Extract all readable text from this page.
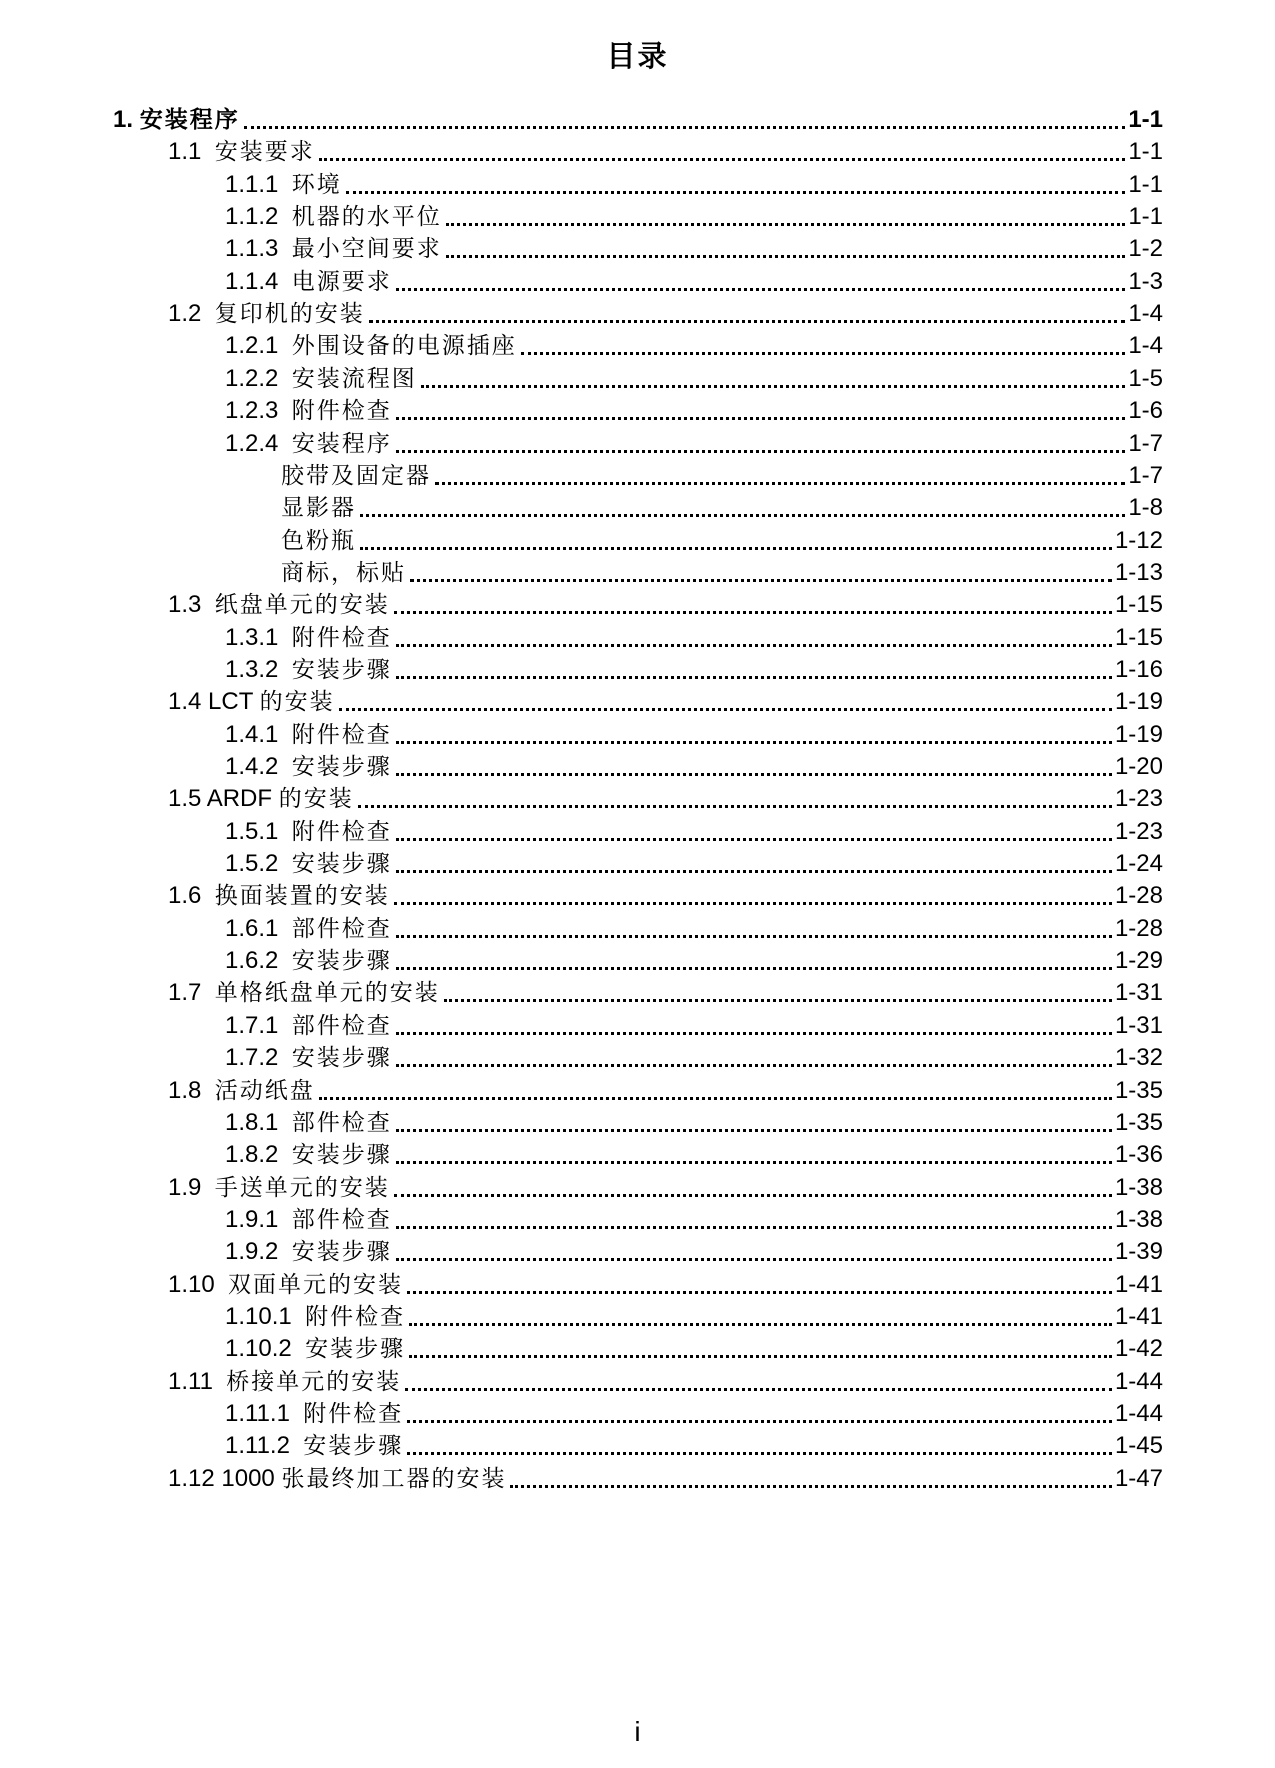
目录
1. 安装程序	1-1
1.1 安装要求	1-1
1.1.1 环境	1-1
1.1.2 机器的水平位	1-1
1.1.3 最小空间要求	1-2
1.1.4 电源要求	1-3
1.2 复印机的安装	1-4
1.2.1 外围设备的电源插座	1-4
1.2.2 安装流程图	1-5
1.2.3 附件检查	1-6
1.2.4 安装程序	1-7
胶带及固定器	1-7
显影器	1-8
色粉瓶	1-12
商标，标贴	1-13
1.3 纸盘单元的安装	1-15
1.3.1 附件检查	1-15
1.3.2 安装步骤	1-16
1.4 LCT 的安装	1-19
1.4.1 附件检查	1-19
1.4.2 安装步骤	1-20
1.5 ARDF 的安装	1-23
1.5.1 附件检查	1-23
1.5.2 安装步骤	1-24
1.6 换面装置的安装	1-28
1.6.1 部件检查	1-28
1.6.2 安装步骤	1-29
1.7 单格纸盘单元的安装	1-31
1.7.1 部件检查	1-31
1.7.2 安装步骤	1-32
1.8 活动纸盘	1-35
1.8.1 部件检查	1-35
1.8.2 安装步骤	1-36
1.9 手送单元的安装	1-38
1.9.1 部件检查	1-38
1.9.2 安装步骤	1-39
1.10 双面单元的安装	1-41
1.10.1 附件检查	1-41
1.10.2 安装步骤	1-42
1.11 桥接单元的安装	1-44
1.11.1 附件检查	1-44
1.11.2 安装步骤	1-45
1.12 1000 张最终加工器的安装	1-47
i
